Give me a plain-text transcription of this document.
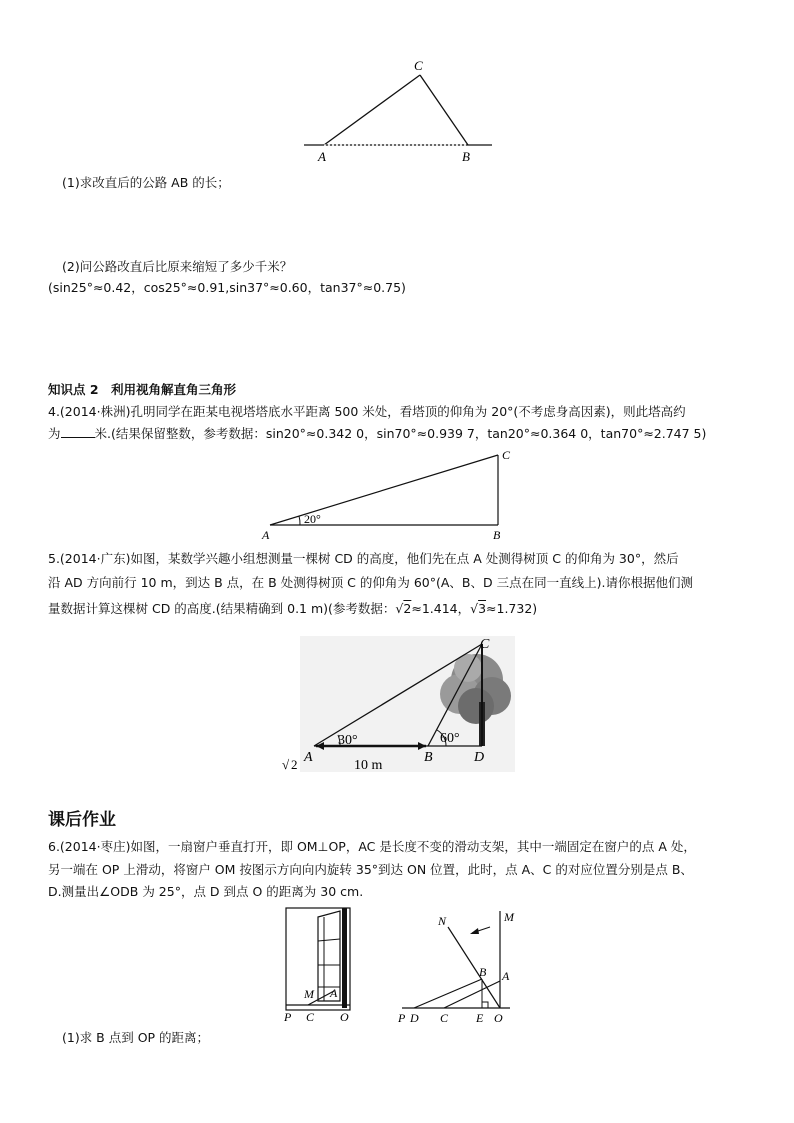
C
A	B
(1)求改直后的公路 AB 的长；
(2)问公路改直后比原来缩短了多少千米？
(sin25°≈0.42，cos25°≈0.91,sin37°≈0.60，tan37°≈0.75)
知识点 2　利用视角解直角三角形
4.(2014·株洲)孔明同学在距某电视塔塔底水平距离 500 米处，看塔顶的仰角为 20°(不考虑身高因素)，则此塔高约
为	米.(结果保留整数，参考数据：sin20°≈0.342 0，sin70°≈0.939 7，tan20°≈0.364 0，tan70°≈2.747 5)
20°
A	B
C
5.(2014·广东)如图，某数学兴趣小组想测量一棵树 CD 的高度，他们先在点 A 处测得树顶 C 的仰角为 30°，然后
沿 AD 方向前行 10 m，到达 B 点，在 B 处测得树顶 C 的仰角为 60°(A、B、D 三点在同一直线上).请你根据他们测
量数据计算这棵树 CD 的高度.(结果精确到 0.1 m)(参考数据：√2≈1.414，√3≈1.732)
30°	60°
A	B	D
C
10 m
√ 2
课后作业
6.(2014·枣庄)如图，一扇窗户垂直打开，即 OM⊥OP，AC 是长度不变的滑动支架，其中一端固定在窗户的点 A 处，
另一端在 OP 上滑动，将窗户 OM 按图示方向向内旋转 35°到达 ON 位置，此时，点 A、C 的对应位置分别是点 B、
D.测量出∠ODB 为 25°，点 D 到点 O 的距离为 30 cm.
M A
P C O
N	M
B A
P D C E O
(1)求 B 点到 OP 的距离；
